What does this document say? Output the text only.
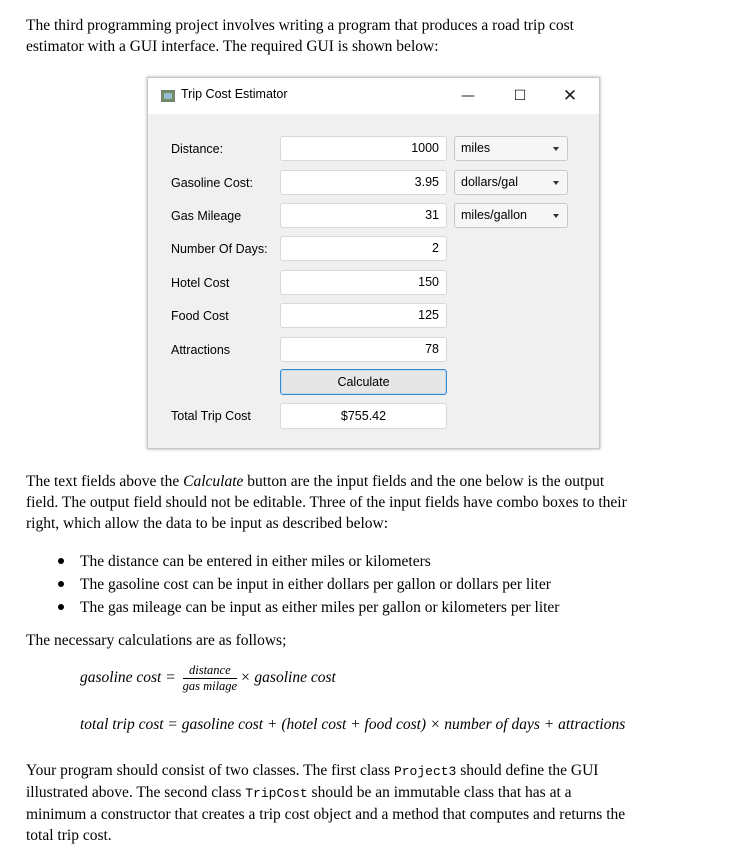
The third programming project involves writing a program that produces a road trip cost
estimator with a GUI interface. The required GUI is shown below:
Trip Cost Estimator	—	☐	✕
Distance:	1000	miles
Gasoline Cost:	3.95	dollars/gal
Gas Mileage	31	miles/gallon
Number Of Days:	2
Hotel Cost	150
Food Cost	125
Attractions	78
Calculate
Total Trip Cost	$755.42
The text fields above the Calculate button are the input fields and the one below is the output
field. The output field should not be editable. Three of the input fields have combo boxes to their
right, which allow the data to be input as described below:
The distance can be entered in either miles or kilometers
The gasoline cost can be input in either dollars per gallon or dollars per liter
The gas mileage can be input as either miles per gallon or kilometers per liter
The necessary calculations are as follows;
gasoline $\cos t = \frac{\text{distance}}{\text{gas milage}}$ × gasoline cost
total trip cost = gasoline cost + (hotel cost + food cost) × number of days + attractions
Your program should consist of two classes. The first class Project3 should define the GUI
illustrated above. The second class TripCost should be an immutable class that has at a
minimum a constructor that creates a trip cost object and a method that computes and returns the
total trip cost.
